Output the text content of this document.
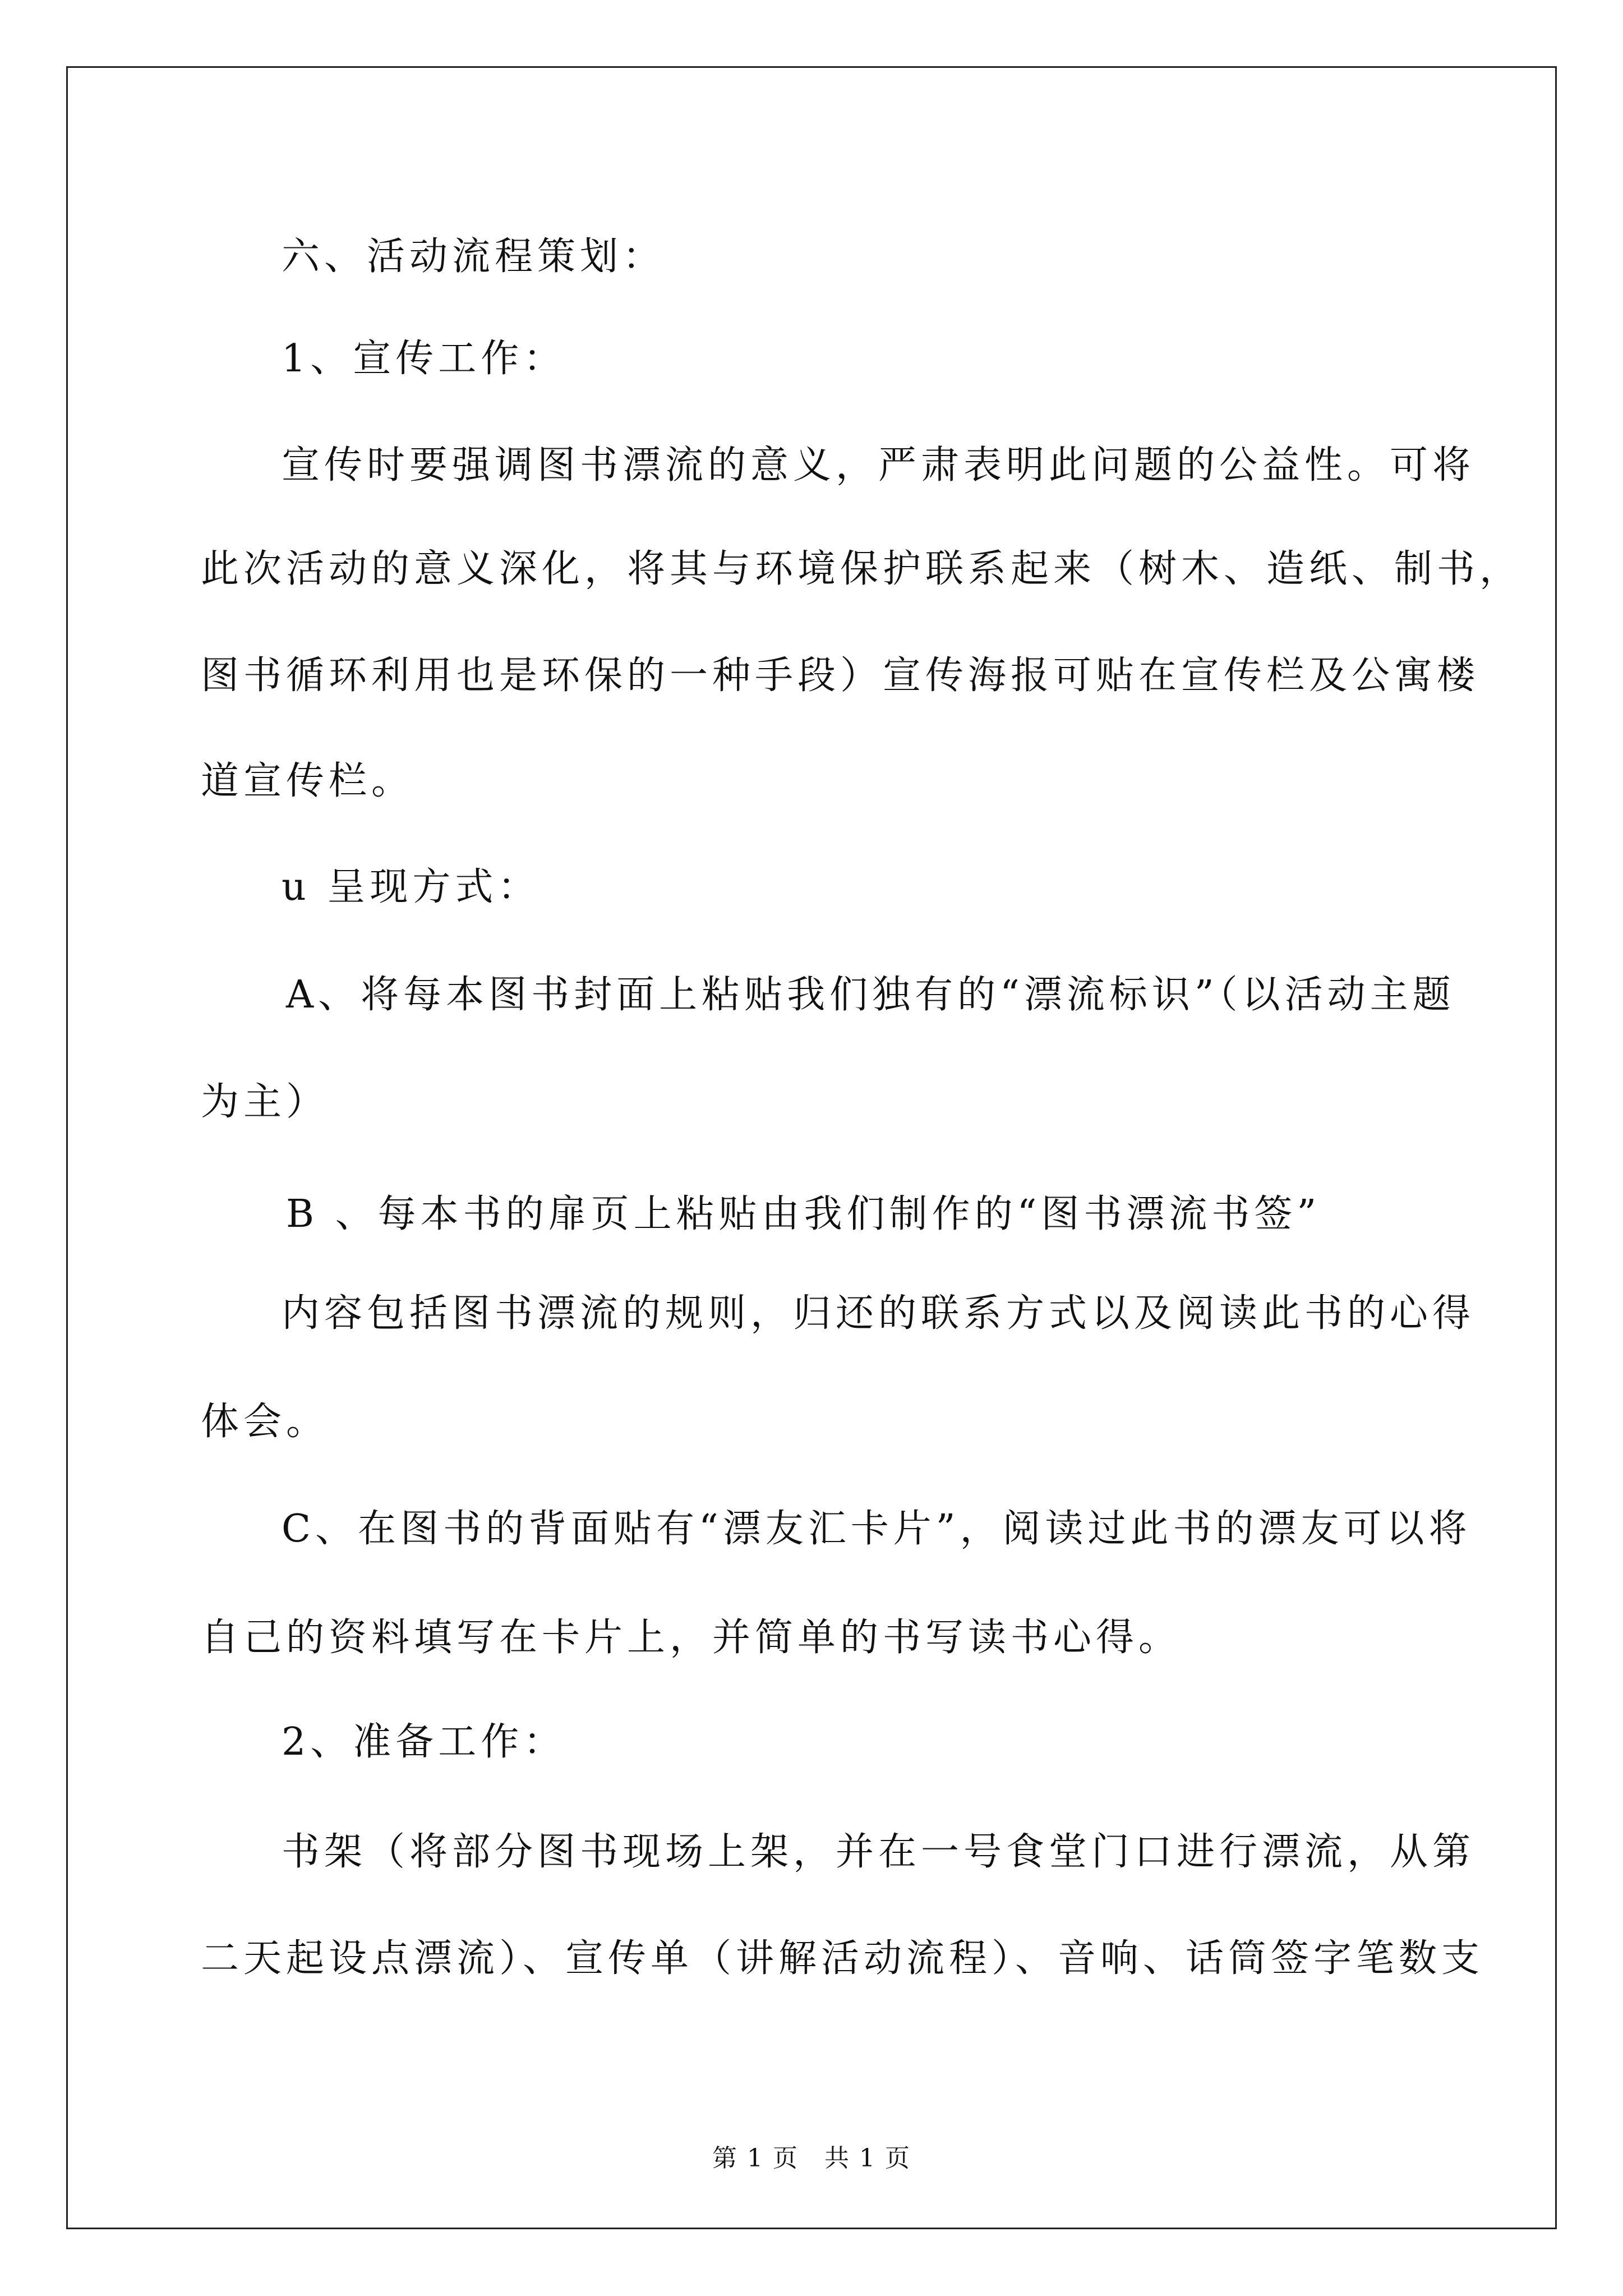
六、活动流程策划：
1、宣传工作：
宣传时要强调图书漂流的意义，严肃表明此问题的公益性。可将
此次活动的意义深化，将其与环境保护联系起来（树木、造纸、制书，
图书循环利用也是环保的一种手段）宣传海报可贴在宣传栏及公寓楼
道宣传栏。
u 呈现方式：
A、将每本图书封面上粘贴我们独有的“漂流标识”（以活动主题
为主）
B 、每本书的扉页上粘贴由我们制作的“图书漂流书签”
内容包括图书漂流的规则，归还的联系方式以及阅读此书的心得
体会。
C、在图书的背面贴有“漂友汇卡片”，阅读过此书的漂友可以将
自己的资料填写在卡片上，并简单的书写读书心得。
2、准备工作：
书架（将部分图书现场上架，并在一号食堂门口进行漂流，从第
二天起设点漂流）、宣传单（讲解活动流程）、音响、话筒签字笔数支
第 1 页　共 1 页
